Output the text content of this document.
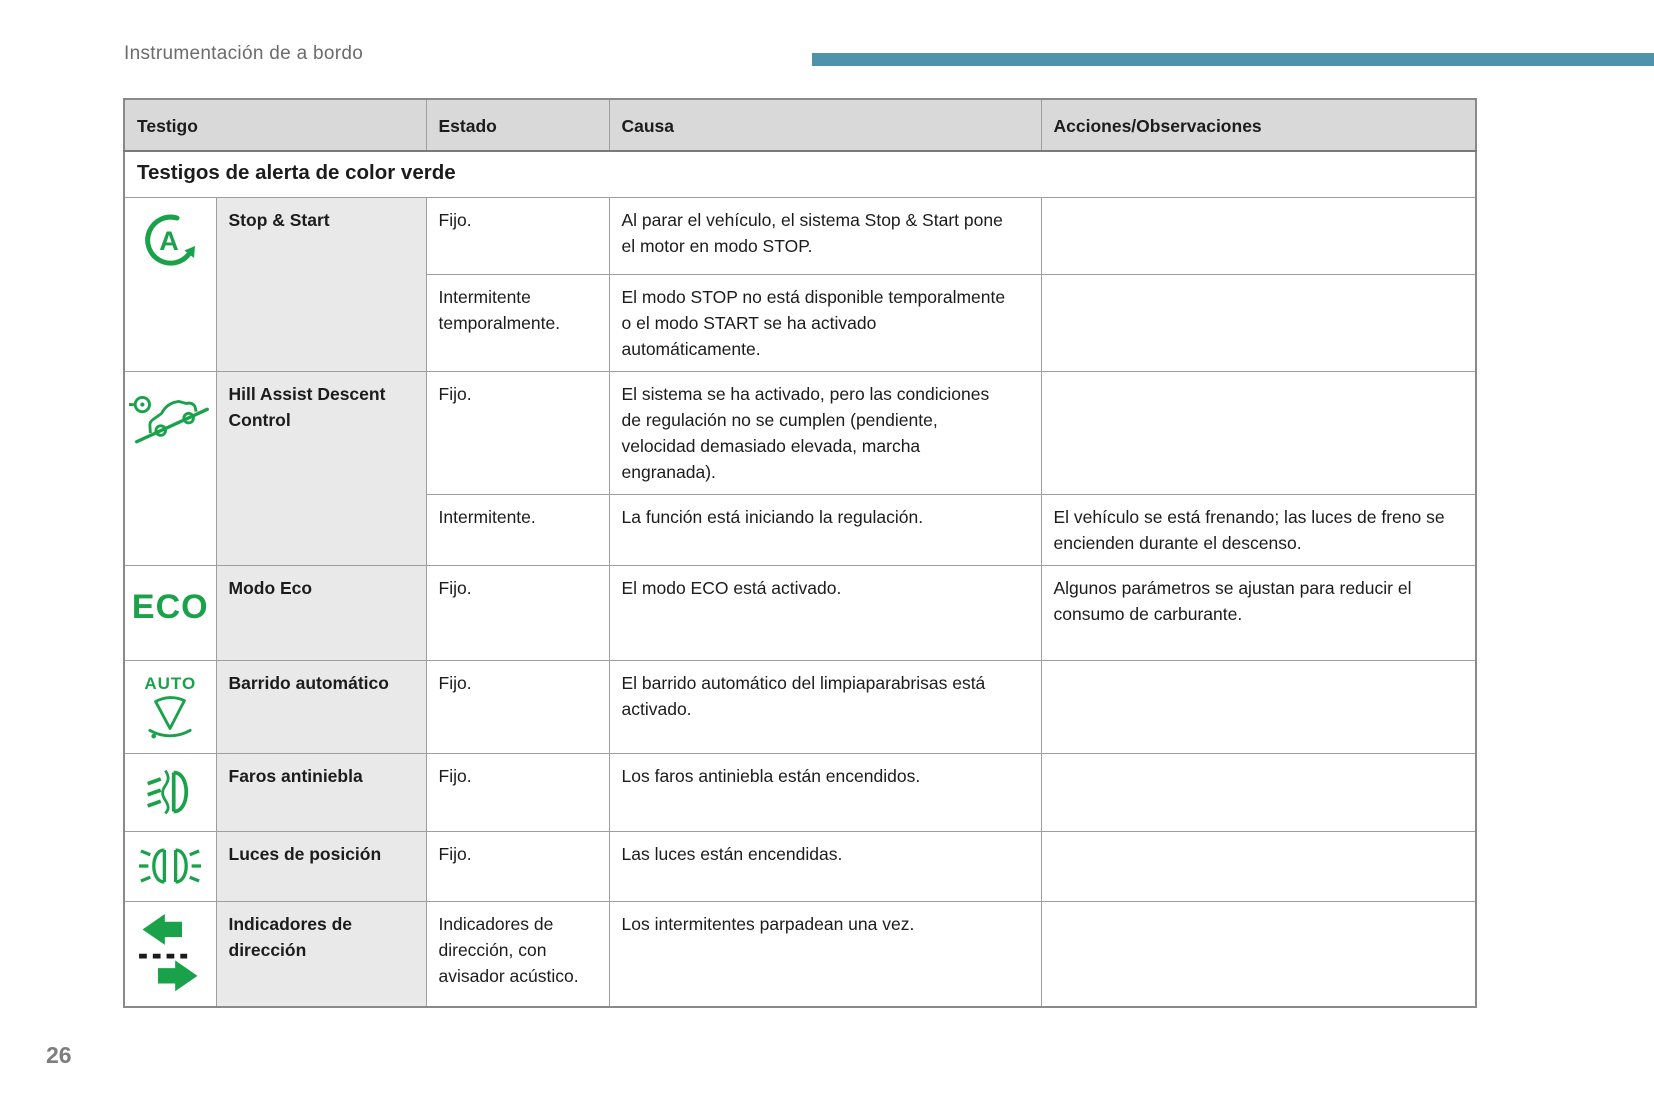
Instrumentación de a bordo
Testigo		Estado	Causa	Acciones/Observaciones
Testigos de alerta de color verde				

A	Stop & Start	Fijo.	Al parar el vehículo, el sistema Stop & Start pone el motor en modo STOP.	
		Intermitente temporalmente.	El modo STOP no está disponible temporalmente o el modo START se ha activado automáticamente.	
	Hill Assist Descent Control	Fijo.	El sistema se ha activado, pero las condiciones de regulación no se cumplen (pendiente, velocidad demasiado elevada, marcha engranada).	
		Intermitente.	La función está iniciando la regulación.	El vehículo se está frenando; las luces de freno se encienden durante el descenso.

ECO	Modo Eco	Fijo.	El modo ECO está activado.	Algunos parámetros se ajustan para reducir el consumo de carburante.

AUTO	Barrido automático	Fijo.	El barrido automático del limpiaparabrisas está activado.	
	Faros antiniebla	Fijo.	Los faros antiniebla están encendidos.	
	Luces de posición	Fijo.	Las luces están encendidas.	
	Indicadores de dirección	Indicadores de dirección, con avisador acústico.	Los intermitentes parpadean una vez.	
26
